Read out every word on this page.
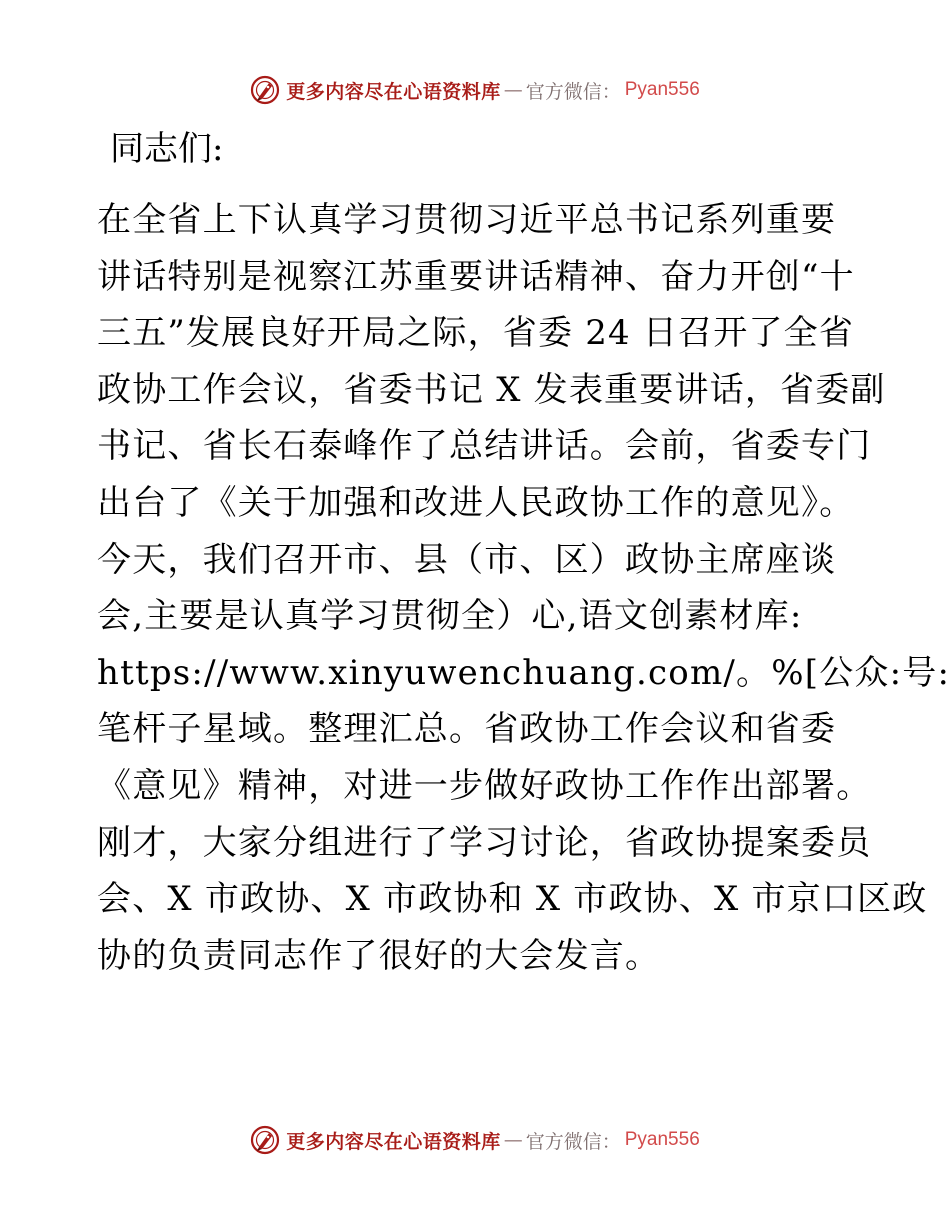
更多内容尽在心语资料库 — 官方微信： Pyan556

同志们:

在全省上下认真学习贯彻习近平总书记系列重要
讲话特别是视察江苏重要讲话精神、奋力开创“十
三五”发展良好开局之际，省委 24 日召开了全省
政协工作会议，省委书记 X 发表重要讲话，省委副
书记、省长石泰峰作了总结讲话。会前，省委专门
出台了《关于加强和改进人民政协工作的意见》。
今天，我们召开市、县（市、区）政协主席座谈
会,主要是认真学习贯彻全）心,语文创素材库:
https://www.xinyuwenchuang.com/。%[公众:号:
笔杆子星域。整理汇总。省政协工作会议和省委
《意见》精神，对进一步做好政协工作作出部署。
刚才，大家分组进行了学习讨论，省政协提案委员
会、X 市政协、X 市政协和 X 市政协、X 市京口区政
协的负责同志作了很好的大会发言。
更多内容尽在心语资料库 — 官方微信： Pyan556
